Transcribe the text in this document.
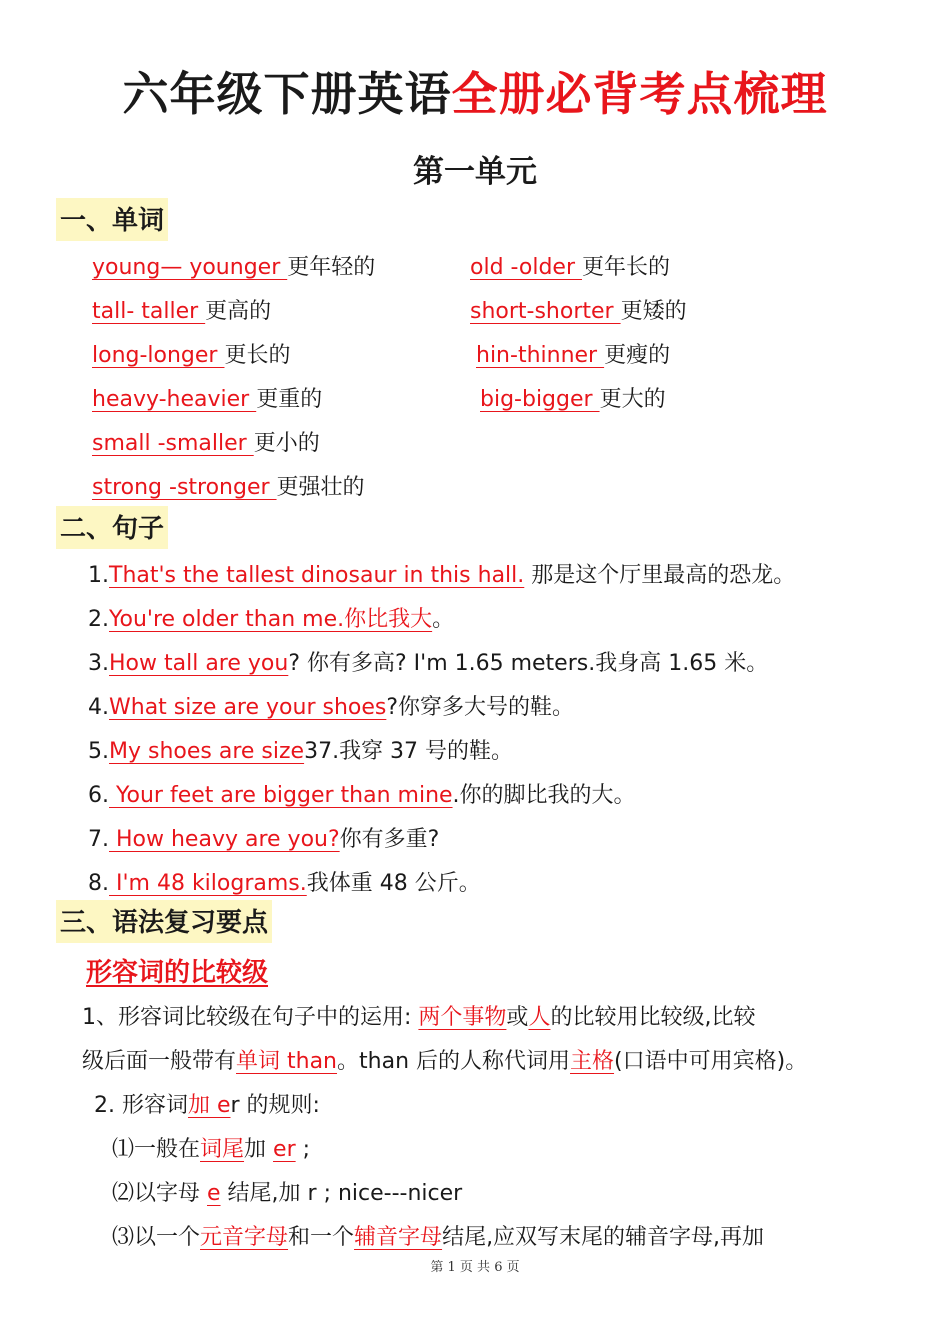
六年级下册英语全册必背考点梳理
第一单元
一、单词
young— younger 更年轻的
tall- taller 更高的
long-longer 更长的
heavy-heavier 更重的
small -smaller 更小的
strong -stronger 更强壮的
old -older 更年长的
short-shorter 更矮的
hin-thinner 更瘦的
big-bigger 更大的
二、句子
1.That's the tallest dinosaur in this hall. 那是这个厅里最高的恐龙。
2.You're older than me.你比我大。
3.How tall are you? 你有多高? I'm 1.65 meters.我身高 1.65 米。
4.What size are your shoes?你穿多大号的鞋。
5.My shoes are size37.我穿 37 号的鞋。
6. Your feet are bigger than mine.你的脚比我的大。
7. How heavy are you?你有多重?
8. I'm 48 kilograms.我体重 48 公斤。
三、语法复习要点
形容词的比较级
1、形容词比较级在句子中的运用: 两个事物或人的比较用比较级,比较
级后面一般带有单词 than。than 后的人称代词用主格(口语中可用宾格)。
2. 形容词加 er 的规则:
⑴一般在词尾加 er ;
⑵以字母 e 结尾,加 r ; nice---nicer
⑶以一个元音字母和一个辅音字母结尾,应双写末尾的辅音字母,再加
第 1 页 共 6 页
